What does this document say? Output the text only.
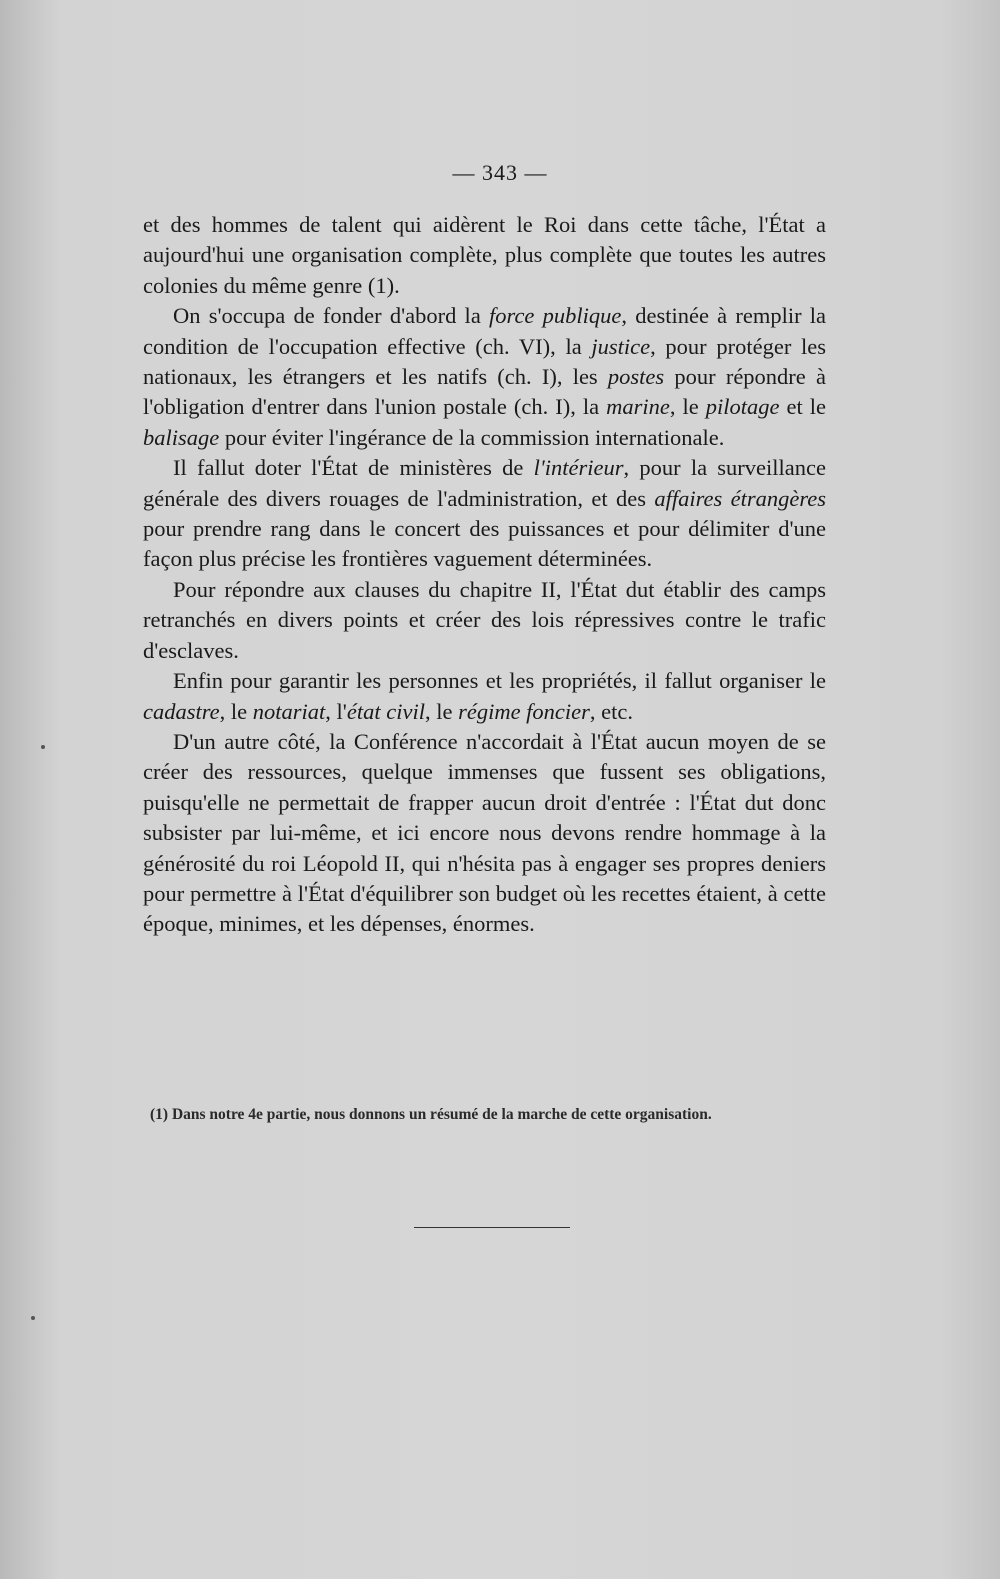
— 343 —

et des hommes de talent qui aidèrent le Roi dans cette tâche, l'État a aujourd'hui une organisation complète, plus complète que toutes les autres colonies du même genre (1).

On s'occupa de fonder d'abord la force publique, destinée à remplir la condition de l'occupation effective (ch. VI), la justice, pour protéger les nationaux, les étrangers et les natifs (ch. I), les postes pour répondre à l'obligation d'entrer dans l'union postale (ch. I), la marine, le pilotage et le balisage pour éviter l'ingérance de la commission internationale.

Il fallut doter l'État de ministères de l'intérieur, pour la surveillance générale des divers rouages de l'administration, et des affaires étrangères pour prendre rang dans le concert des puissances et pour délimiter d'une façon plus précise les frontières vaguement déterminées.

Pour répondre aux clauses du chapitre II, l'État dut établir des camps retranchés en divers points et créer des lois répressives contre le trafic d'esclaves.

Enfin pour garantir les personnes et les propriétés, il fallut organiser le cadastre, le notariat, l'état civil, le régime foncier, etc.

D'un autre côté, la Conférence n'accordait à l'État aucun moyen de se créer des ressources, quelque immenses que fussent ses obligations, puisqu'elle ne permettait de frapper aucun droit d'entrée : l'État dut donc subsister par lui-même, et ici encore nous devons rendre hommage à la générosité du roi Léopold II, qui n'hésita pas à engager ses propres deniers pour permettre à l'État d'équilibrer son budget où les recettes étaient, à cette époque, minimes, et les dépenses, énormes.

(1) Dans notre 4e partie, nous donnons un résumé de la marche de cette organisation.
